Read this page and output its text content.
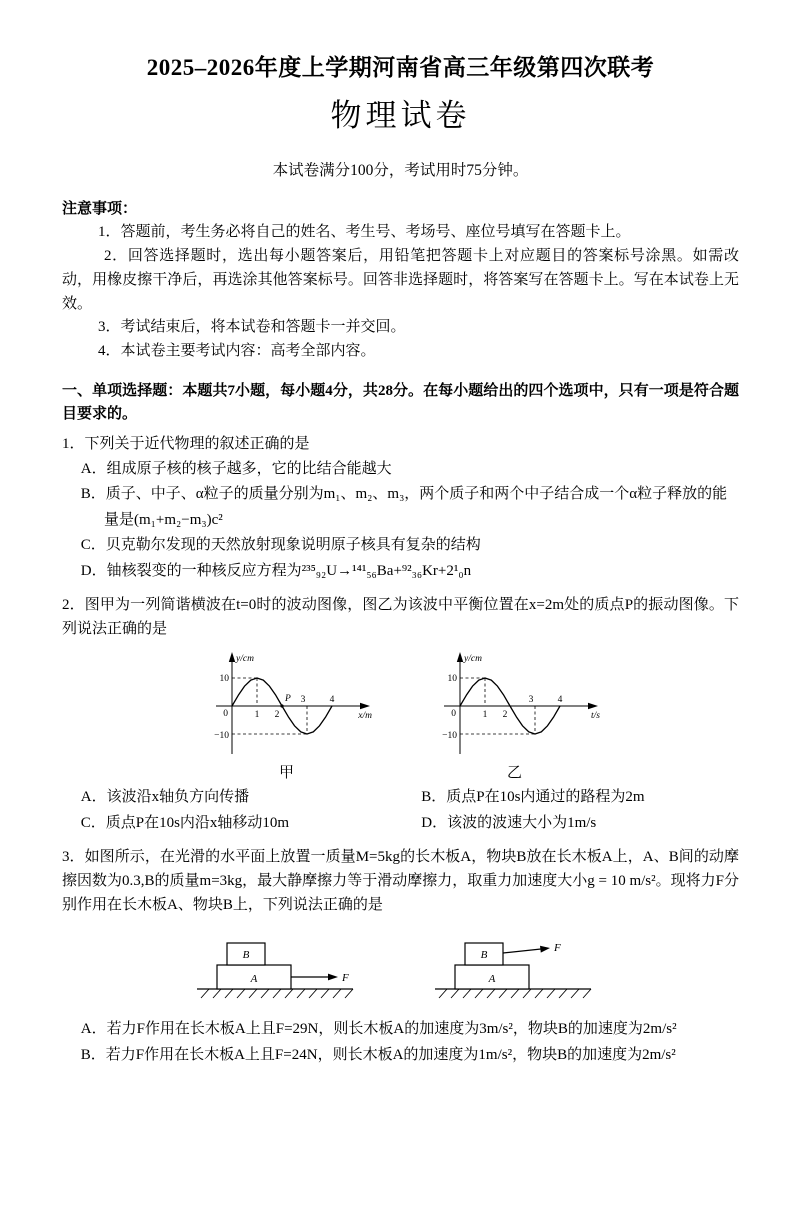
2025–2026年度上学期河南省高三年级第四次联考
物理试卷
本试卷满分100分，考试用时75分钟。
注意事项：

1．答题前，考生务必将自己的姓名、考生号、考场号、座位号填写在答题卡上。

2．回答选择题时，选出每小题答案后，用铅笔把答题卡上对应题目的答案标号涂黑。如需改动，用橡皮擦干净后，再选涂其他答案标号。回答非选择题时，将答案写在答题卡上。写在本试卷上无效。

3．考试结束后，将本试卷和答题卡一并交回。

4．本试卷主要考试内容：高考全部内容。

一、单项选择题：本题共7小题，每小题4分，共28分。在每小题给出的四个选项中，只有一项是符合题目要求的。

1．下列关于近代物理的叙述正确的是

A．组成原子核的核子越多，它的比结合能越大

B．质子、中子、α粒子的质量分别为m₁、m₂、m₃，两个质子和两个中子结合成一个α粒子释放的能量是(m₁+m₂−m₃)c²

C．贝克勒尔发现的天然放射现象说明原子核具有复杂的结构

D．铀核裂变的一种核反应方程为²³⁵₉₂U→¹⁴¹₅₆Ba+⁹²₃₆Kr+2¹₀n

2．图甲为一列简谐横波在t=0时的波动图像，图乙为该波中平衡位置在x=2m处的质点P的振动图像。下列说法正确的是

y/cm
x/m
10
−10
0	1 2
3	4
P
甲
y/cm
t/s
10
−10
0	1 2
3	4
乙

A．该波沿x轴负方向传播	B．质点P在10s内通过的路程为2m

C．质点P在10s内沿x轴移动10m	D．该波的波速大小为1m/s

3．如图所示，在光滑的水平面上放置一质量M=5kg的长木板A，物块B放在长木板A上，A、B间的动摩擦因数为0.3,B的质量m=3kg，最大静摩擦力等于滑动摩擦力，取重力加速度大小g = 10 m/s²。现将力F分别作用在长木板A、物块B上，下列说法正确的是

A
B
F	A
B
F

A．若力F作用在长木板A上且F=29N，则长木板A的加速度为3m/s²，物块B的加速度为2m/s²

B．若力F作用在长木板A上且F=24N，则长木板A的加速度为1m/s²，物块B的加速度为2m/s²
